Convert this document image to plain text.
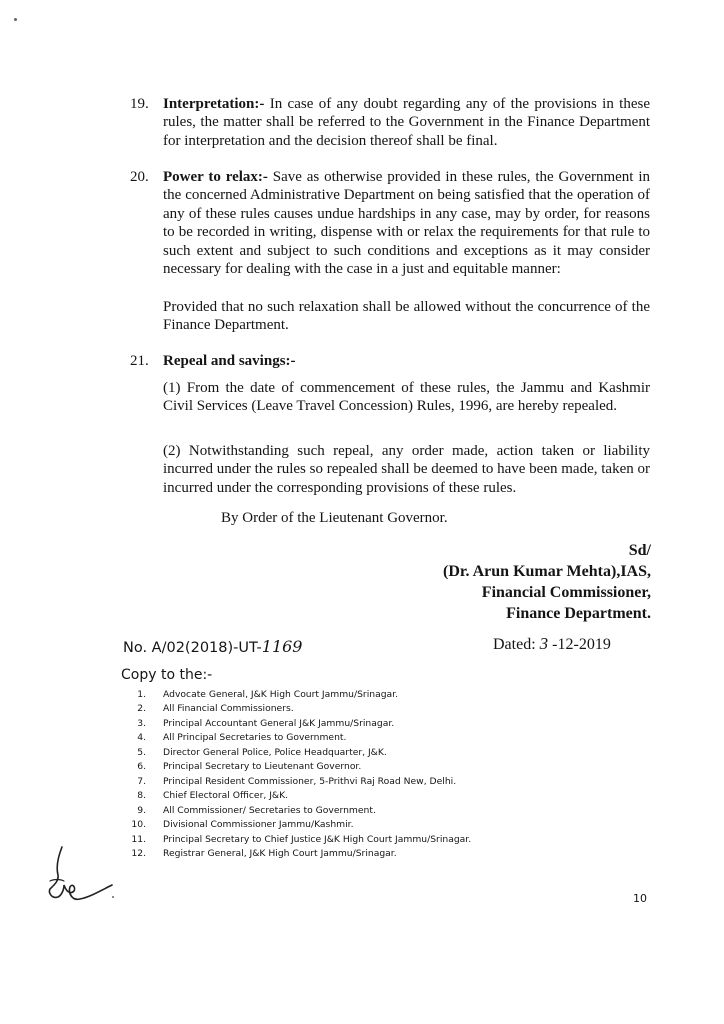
19. Interpretation:- In case of any doubt regarding any of the provisions in these rules, the matter shall be referred to the Government in the Finance Department for interpretation and the decision thereof shall be final.
20. Power to relax:- Save as otherwise provided in these rules, the Government in the concerned Administrative Department on being satisfied that the operation of any of these rules causes undue hardships in any case, may by order, for reasons to be recorded in writing, dispense with or relax the requirements for that rule to such extent and subject to such conditions and exceptions as it may consider necessary for dealing with the case in a just and equitable manner:
Provided that no such relaxation shall be allowed without the concurrence of the Finance Department.
21. Repeal and savings:-
(1) From the date of commencement of these rules, the Jammu and Kashmir Civil Services (Leave Travel Concession) Rules, 1996, are hereby repealed.
(2) Notwithstanding such repeal, any order made, action taken or liability incurred under the rules so repealed shall be deemed to have been made, taken or incurred under the corresponding provisions of these rules.
By Order of the Lieutenant Governor.
Sd/
(Dr. Arun Kumar Mehta),IAS,
Financial Commissioner,
Finance Department.
No. A/02(2018)-UT-1169	Dated: 3 -12-2019
Copy to the:-
1. Advocate General, J&K High Court Jammu/Srinagar.
2. All Financial Commissioners.
3. Principal Accountant General J&K Jammu/Srinagar.
4. All Principal Secretaries to Government.
5. Director General Police, Police Headquarter, J&K.
6. Principal Secretary to Lieutenant Governor.
7. Principal Resident Commissioner, 5-Prithvi Raj Road New, Delhi.
8. Chief Electoral Officer, J&K.
9. All Commissioner/ Secretaries to Government.
10. Divisional Commissioner Jammu/Kashmir.
11. Principal Secretary to Chief Justice J&K High Court Jammu/Srinagar.
12. Registrar General, J&K High Court Jammu/Srinagar.
10
